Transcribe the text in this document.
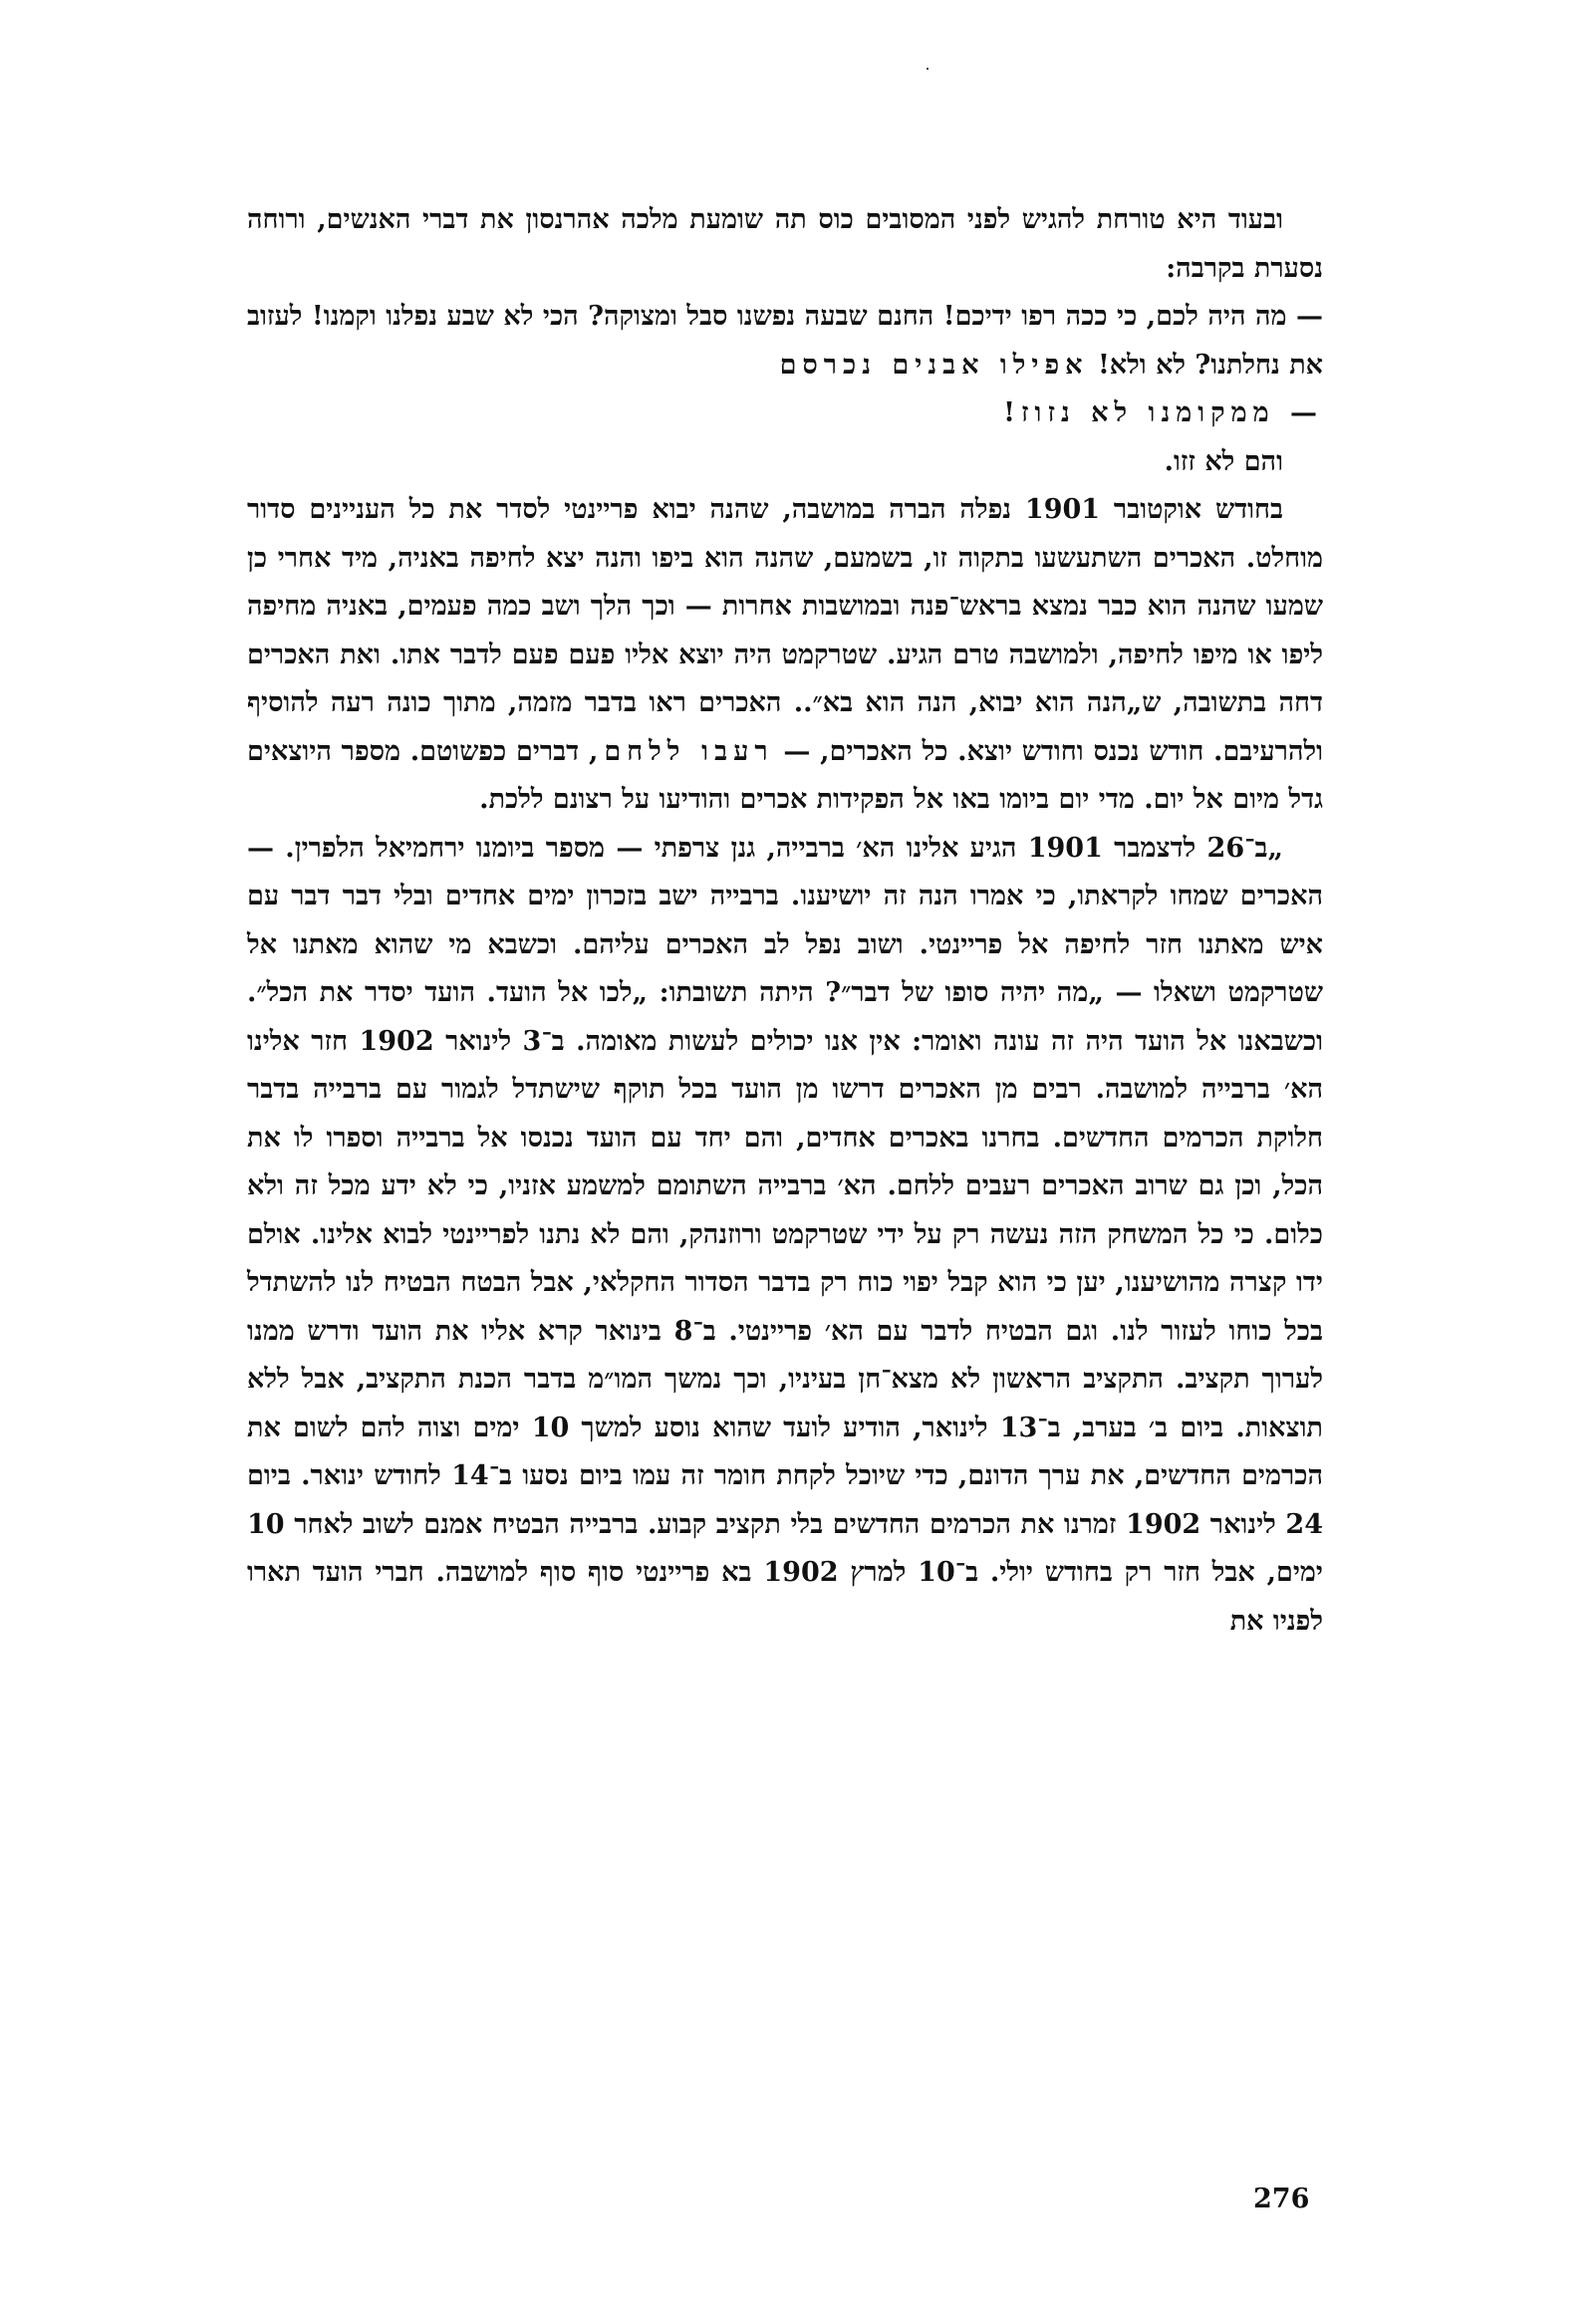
ובעוד היא טורחת להגיש לפני המסובים כוס תה שומעת מלכה אהרנסון את דברי האנשים, ורוחה נסערת בקרבה:

— מה היה לכם, כי ככה רפו ידיכם! החנם שבעה נפשנו סבל ומצוקה? הכי לא שבע נפלנו וקמנו! לעזוב את נחלתנו? לא ולא! אפילו אבנים נכרסם

— ממקומנו לא נזוז!

והם לא זזו.

בחודש אוקטובר 1901 נפלה הברה במושבה, שהנה יבוא פריינטי לסדר את כל העניינים סדור מוחלט. האכרים השתעשעו בתקוה זו, בשמעם, שהנה הוא ביפו והנה יצא לחיפה באניה, מיד אחרי כן שמעו שהנה הוא כבר נמצא בראש־פנה ובמושבות אחרות — וכך הלך ושב כמה פעמים, באניה מחיפה ליפו או מיפו לחיפה, ולמושבה טרם הגיע. שטרקמט היה יוצא אליו פעם פעם לדבר אתו. ואת האכרים דחה בתשובה, ש„הנה הוא יבוא, הנה הוא בא״.. האכרים ראו בדבר מזמה, מתוך כונה רעה להוסיף ולהרעיבם. חודש נכנס וחודש יוצא. כל האכרים, — רעבו ללחם, דברים כפשוטם. מספר היוצאים גדל מיום אל יום. מדי יום ביומו באו אל הפקידות אכרים והודיעו על רצונם ללכת.

„ב־26 לדצמבר 1901 הגיע אלינו הא׳ ברבייה, גנן צרפתי — מספר ביומנו ירחמיאל הלפרין. — האכרים שמחו לקראתו, כי אמרו הנה זה יושיענו. ברבייה ישב בזכרון ימים אחדים ובלי דבר דבר עם איש מאתנו חזר לחיפה אל פריינטי. ושוב נפל לב האכרים עליהם. וכשבא מי שהוא מאתנו אל שטרקמט ושאלו — „מה יהיה סופו של דבר״? היתה תשובתו: „לכו אל הועד. הועד יסדר את הכל״. וכשבאנו אל הועד היה זה עונה ואומר: אין אנו יכולים לעשות מאומה. ב־3 לינואר 1902 חזר אלינו הא׳ ברבייה למושבה. רבים מן האכרים דרשו מן הועד בכל תוקף שישתדל לגמור עם ברבייה בדבר חלוקת הכרמים החדשים. בחרנו באכרים אחדים, והם יחד עם הועד נכנסו אל ברבייה וספרו לו את הכל, וכן גם שרוב האכרים רעבים ללחם. הא׳ ברבייה השתומם למשמע אזניו, כי לא ידע מכל זה ולא כלום. כי כל המשחק הזה נעשה רק על ידי שטרקמט ורוזנהק, והם לא נתנו לפריינטי לבוא אלינו. אולם ידו קצרה מהושיענו, יען כי הוא קבל יפוי כוח רק בדבר הסדור החקלאי, אבל הבטח הבטיח לנו להשתדל בכל כוחו לעזור לנו. וגם הבטיח לדבר עם הא׳ פריינטי. ב־8 בינואר קרא אליו את הועד ודרש ממנו לערוך תקציב. התקציב הראשון לא מצא־חן בעיניו, וכך נמשך המו״מ בדבר הכנת התקציב, אבל ללא תוצאות. ביום ב׳ בערב, ב־13 לינואר, הודיע לועד שהוא נוסע למשך 10 ימים וצוה להם לשום את הכרמים החדשים, את ערך הדונם, כדי שיוכל לקחת חומר זה עמו ביום נסעו ב־14 לחודש ינואר. ביום 24 לינואר 1902 זמרנו את הכרמים החדשים בלי תקציב קבוע. ברבייה הבטיח אמנם לשוב לאחר 10 ימים, אבל חזר רק בחודש יולי. ב־10 למרץ 1902 בא פריינטי סוף סוף למושבה. חברי הועד תארו לפניו את

276
